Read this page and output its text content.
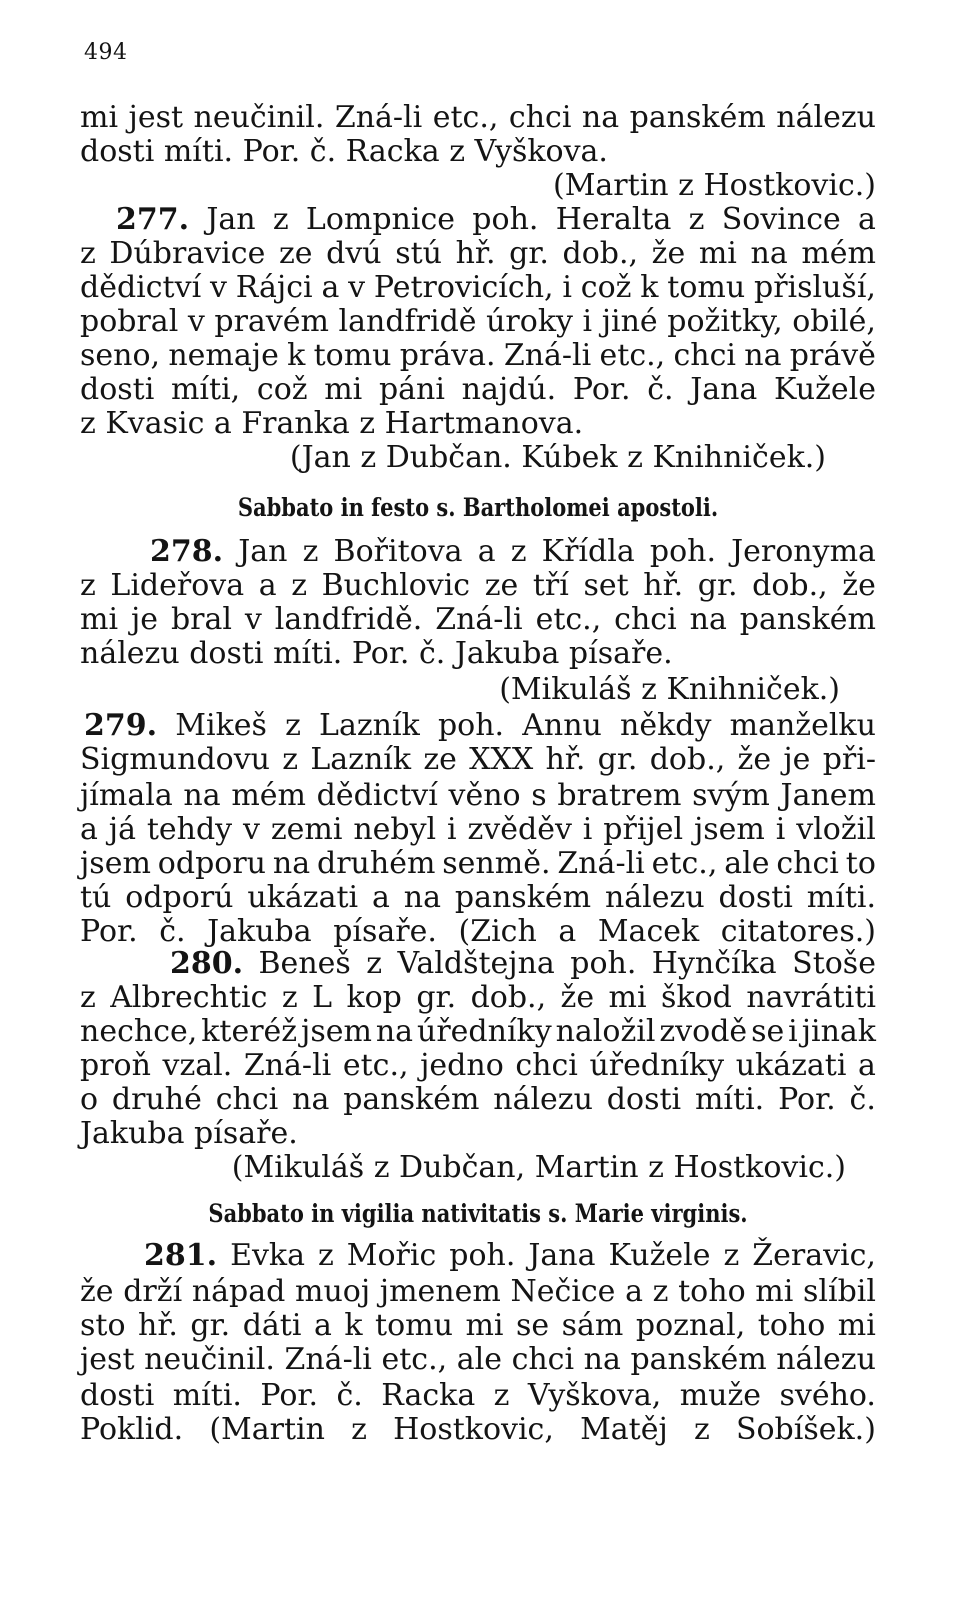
494
mi jest neučinil. Zná-li etc., chci na panském nálezu
dosti míti. Por. č. Racka z Vyškova.
(Martin z Hostkovic.)
277. Jan z Lompnice poh. Heralta z Sovince a
z Dúbravice ze dvú stú hř. gr. dob., že mi na mém
dědictví v Rájci a v Petrovicích, i což k tomu přisluší,
pobral v pravém landfridě úroky i jiné požitky, obilé,
seno, nemaje k tomu práva. Zná-li etc., chci na právě
dosti míti, což mi páni najdú. Por. č. Jana Kužele
z Kvasic a Franka z Hartmanova.
(Jan z Dubčan. Kúbek z Knihniček.)
Sabbato in festo s. Bartholomei apostoli.
278. Jan z Bořitova a z Křídla poh. Jeronyma
z Lideřova a z Buchlovic ze tří set hř. gr. dob., že
mi je bral v landfridě. Zná-li etc., chci na panském
nálezu dosti míti. Por. č. Jakuba písaře.
(Mikuláš z Knihniček.)
279. Mikeš z Lazník poh. Annu někdy manželku
Sigmundovu z Lazník ze XXX hř. gr. dob., že je při-
jímala na mém dědictví věno s bratrem svým Janem
a já tehdy v zemi nebyl i zvěděv i přijel jsem i vložil
jsem odporu na druhém senmě. Zná-li etc., ale chci to
tú odporú ukázati a na panském nálezu dosti míti.
Por. č. Jakuba písaře. (Zich a Macek citatores.)
280. Beneš z Valdštejna poh. Hynčíka Stoše
z Albrechtic z L kop gr. dob., že mi škod navrátiti
nechce, kteréž jsem na úředníky naložil zvodě se i jinak
proň vzal. Zná-li etc., jedno chci úředníky ukázati a
o druhé chci na panském nálezu dosti míti. Por. č.
Jakuba písaře.
(Mikuláš z Dubčan, Martin z Hostkovic.)
Sabbato in vigilia nativitatis s. Marie virginis.
281. Evka z Mořic poh. Jana Kužele z Žeravic,
že drží nápad muoj jmenem Nečice a z toho mi slíbil
sto hř. gr. dáti a k tomu mi se sám poznal, toho mi
jest neučinil. Zná-li etc., ale chci na panském nálezu
dosti míti. Por. č. Racka z Vyškova, muže svého.
Poklid. (Martin z Hostkovic, Matěj z Sobíšek.)
